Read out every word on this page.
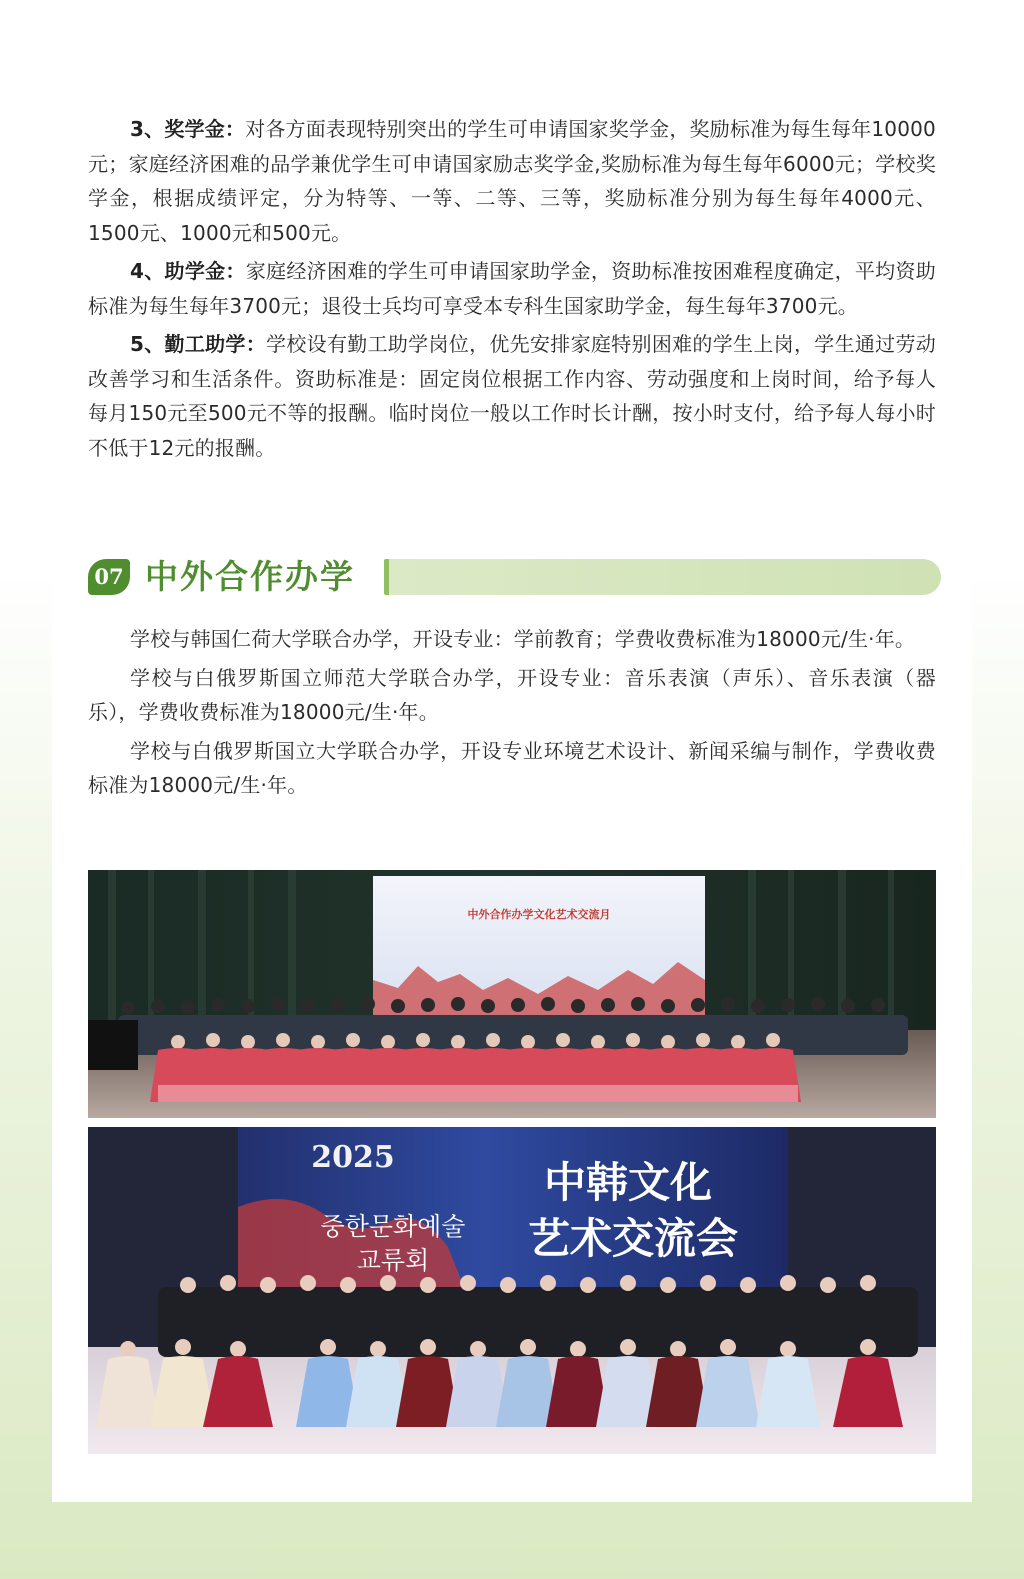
3、奖学金：对各方面表现特别突出的学生可申请国家奖学金，奖励标准为每生每年10000元；家庭经济困难的品学兼优学生可申请国家励志奖学金,奖励标准为每生每年6000元；学校奖学金，根据成绩评定，分为特等、一等、二等、三等，奖励标准分别为每生每年4000元、1500元、1000元和500元。

4、助学金：家庭经济困难的学生可申请国家助学金，资助标准按困难程度确定，平均资助标准为每生每年3700元；退役士兵均可享受本专科生国家助学金，每生每年3700元。

5、勤工助学：学校设有勤工助学岗位，优先安排家庭特别困难的学生上岗，学生通过劳动改善学习和生活条件。资助标准是：固定岗位根据工作内容、劳动强度和上岗时间，给予每人每月150元至500元不等的报酬。临时岗位一般以工作时长计酬，按小时支付，给予每人每小时不低于12元的报酬。

07 中外合作办学

学校与韩国仁荷大学联合办学，开设专业：学前教育；学费收费标准为18000元/生·年。

学校与白俄罗斯国立师范大学联合办学，开设专业：音乐表演（声乐）、音乐表演（器乐），学费收费标准为18000元/生·年。

学校与白俄罗斯国立大学联合办学，开设专业环境艺术设计、新闻采编与制作，学费收费标准为18000元/生·年。

中外合作办学文化艺术交流月
2025
중한문화예술
교류회
中韩文化
艺术交流会
